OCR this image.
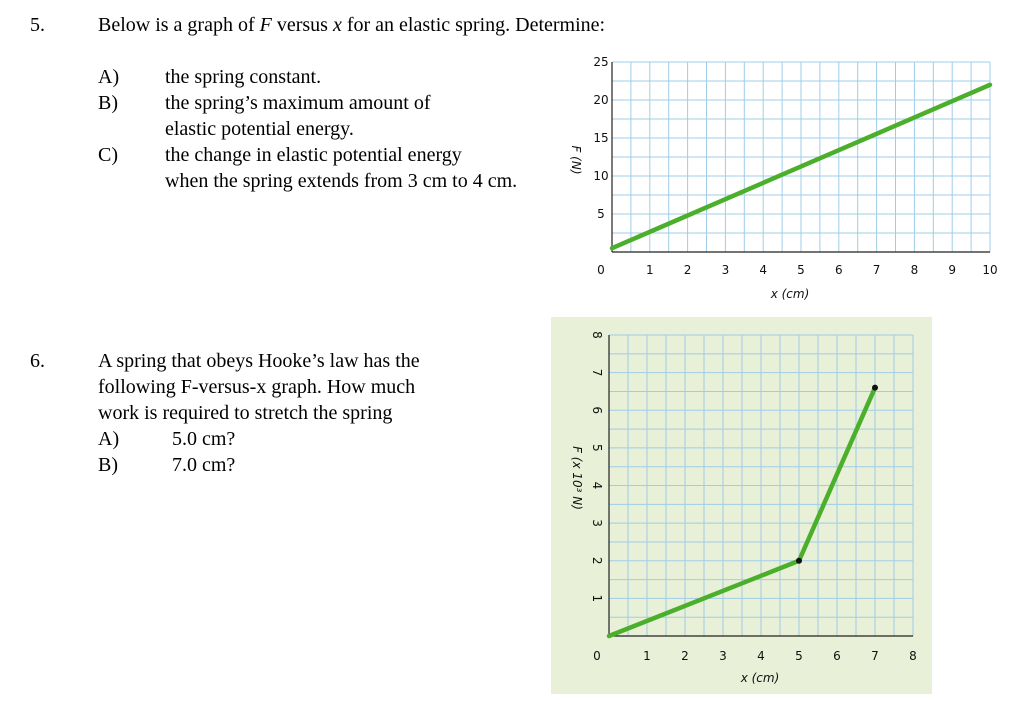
5.	Below is a graph of F versus x for an elastic spring. Determine:
A) the spring constant.
B) the spring’s maximum amount of
elastic potential energy.
C) the change in elastic potential energy
when the spring extends from 3 cm to 4 cm.
6.	A spring that obeys Hooke’s law has the
following F-versus-x graph. How much
work is required to stretch the spring
A)	5.0 cm?
B)	7.0 cm?
1	2	3	4	5	6	7	8	9 10
0
5
10
15
20
25
x (cm)
F (N)
1	2	3	4	5	6	7	8
0
1
2
3
4
5
6
7
8
x (cm)
F (x 10³ N)
